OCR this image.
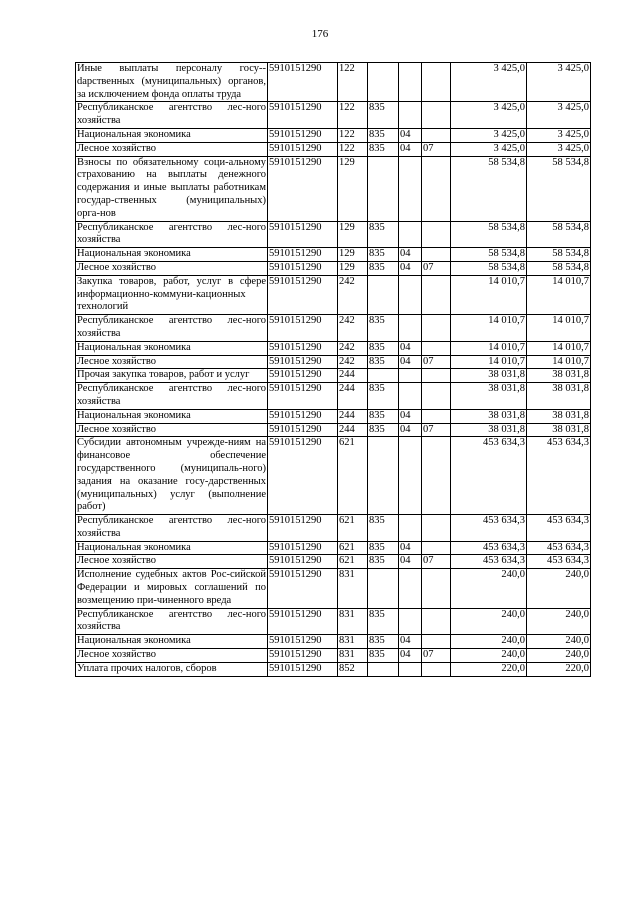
176
Иные выплаты персоналу госу-dарственных (муниципальных) органов, за исключением фонда оплаты труда	5910151290	122				3 425,0	3 425,0
Республиканское агентство лес-ного хозяйства	5910151290	122	835			3 425,0	3 425,0
Национальная экономика	5910151290	122	835	04		3 425,0	3 425,0
Лесное хозяйство	5910151290	122	835	04	07	3 425,0	3 425,0
Взносы по обязательному соци-альному страхованию на выплаты денежного содержания и иные выплаты работникам государ-ственных (муниципальных) орга-нов	5910151290	129				58 534,8	58 534,8
Республиканское агентство лес-ного хозяйства	5910151290	129	835			58 534,8	58 534,8
Национальная экономика	5910151290	129	835	04		58 534,8	58 534,8
Лесное хозяйство	5910151290	129	835	04	07	58 534,8	58 534,8
Закупка товаров, работ, услуг в сфере информационно-коммуни-кационных технологий	5910151290	242				14 010,7	14 010,7
Республиканское агентство лес-ного хозяйства	5910151290	242	835			14 010,7	14 010,7
Национальная экономика	5910151290	242	835	04		14 010,7	14 010,7
Лесное хозяйство	5910151290	242	835	04	07	14 010,7	14 010,7
Прочая закупка товаров, работ и услуг	5910151290	244				38 031,8	38 031,8
Республиканское агентство лес-ного хозяйства	5910151290	244	835			38 031,8	38 031,8
Национальная экономика	5910151290	244	835	04		38 031,8	38 031,8
Лесное хозяйство	5910151290	244	835	04	07	38 031,8	38 031,8
Субсидии автономным учрежде-ниям на финансовое обеспечение государственного (муниципаль-ного) задания на оказание госу-дарственных (муниципальных) услуг (выполнение работ)	5910151290	621				453 634,3	453 634,3
Республиканское агентство лес-ного хозяйства	5910151290	621	835			453 634,3	453 634,3
Национальная экономика	5910151290	621	835	04		453 634,3	453 634,3
Лесное хозяйство	5910151290	621	835	04	07	453 634,3	453 634,3
Исполнение судебных актов Рос-сийской Федерации и мировых соглашений по возмещению при-чиненного вреда	5910151290	831				240,0	240,0
Республиканское агентство лес-ного хозяйства	5910151290	831	835			240,0	240,0
Национальная экономика	5910151290	831	835	04		240,0	240,0
Лесное хозяйство	5910151290	831	835	04	07	240,0	240,0
Уплата прочих налогов, сборов	5910151290	852				220,0	220,0
